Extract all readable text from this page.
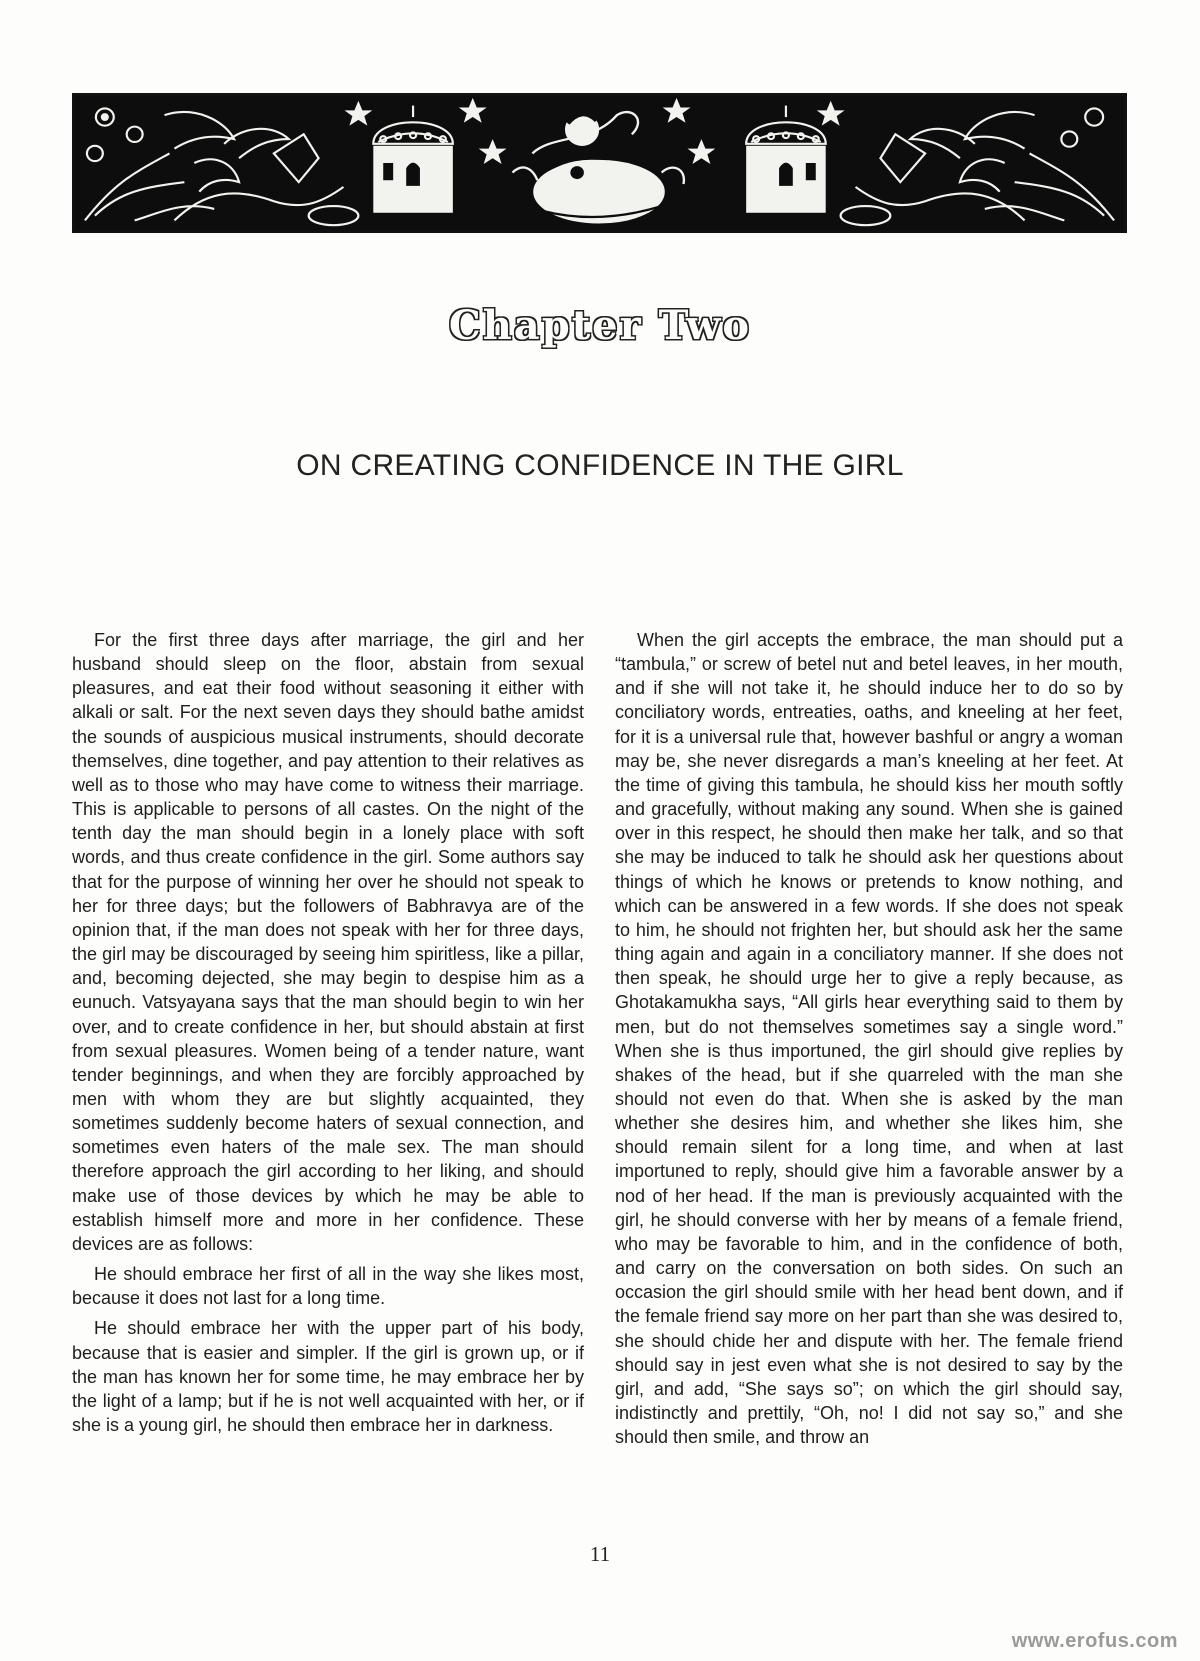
Chapter Two
ON CREATING CONFIDENCE IN THE GIRL

For the first three days after marriage, the girl and her husband should sleep on the floor, abstain from sexual pleasures, and eat their food without seasoning it either with alkali or salt. For the next seven days they should bathe amidst the sounds of auspicious musical instruments, should decorate themselves, dine together, and pay attention to their relatives as well as to those who may have come to witness their marriage. This is applicable to persons of all castes. On the night of the tenth day the man should begin in a lonely place with soft words, and thus create confidence in the girl. Some authors say that for the purpose of winning her over he should not speak to her for three days; but the followers of Babhravya are of the opinion that, if the man does not speak with her for three days, the girl may be discouraged by seeing him spiritless, like a pillar, and, becoming dejected, she may begin to despise him as a eunuch. Vatsyayana says that the man should begin to win her over, and to create confidence in her, but should abstain at first from sexual pleasures. Women being of a tender nature, want tender beginnings, and when they are forcibly approached by men with whom they are but slightly acquainted, they sometimes suddenly become haters of sexual connection, and sometimes even haters of the male sex. The man should therefore approach the girl according to her liking, and should make use of those devices by which he may be able to establish himself more and more in her confidence. These devices are as follows:

He should embrace her first of all in the way she likes most, because it does not last for a long time.

He should embrace her with the upper part of his body, because that is easier and simpler. If the girl is grown up, or if the man has known her for some time, he may embrace her by the light of a lamp; but if he is not well acquainted with her, or if she is a young girl, he should then embrace her in darkness.

When the girl accepts the embrace, the man should put a “tambula,” or screw of betel nut and betel leaves, in her mouth, and if she will not take it, he should induce her to do so by conciliatory words, entreaties, oaths, and kneeling at her feet, for it is a universal rule that, however bashful or angry a woman may be, she never disregards a man’s kneeling at her feet. At the time of giving this tambula, he should kiss her mouth softly and gracefully, without making any sound. When she is gained over in this respect, he should then make her talk, and so that she may be induced to talk he should ask her questions about things of which he knows or pretends to know nothing, and which can be answered in a few words. If she does not speak to him, he should not frighten her, but should ask her the same thing again and again in a conciliatory manner. If she does not then speak, he should urge her to give a reply because, as Ghotakamukha says, “All girls hear everything said to them by men, but do not themselves sometimes say a single word.” When she is thus importuned, the girl should give replies by shakes of the head, but if she quarreled with the man she should not even do that. When she is asked by the man whether she desires him, and whether she likes him, she should remain silent for a long time, and when at last importuned to reply, should give him a favorable answer by a nod of her head. If the man is previously acquainted with the girl, he should converse with her by means of a female friend, who may be favorable to him, and in the confidence of both, and carry on the conversation on both sides. On such an occasion the girl should smile with her head bent down, and if the female friend say more on her part than she was desired to, she should chide her and dispute with her. The female friend should say in jest even what she is not desired to say by the girl, and add, “She says so”; on which the girl should say, indistinctly and prettily, “Oh, no! I did not say so,” and she should then smile, and throw an

11
www.erofus.com
